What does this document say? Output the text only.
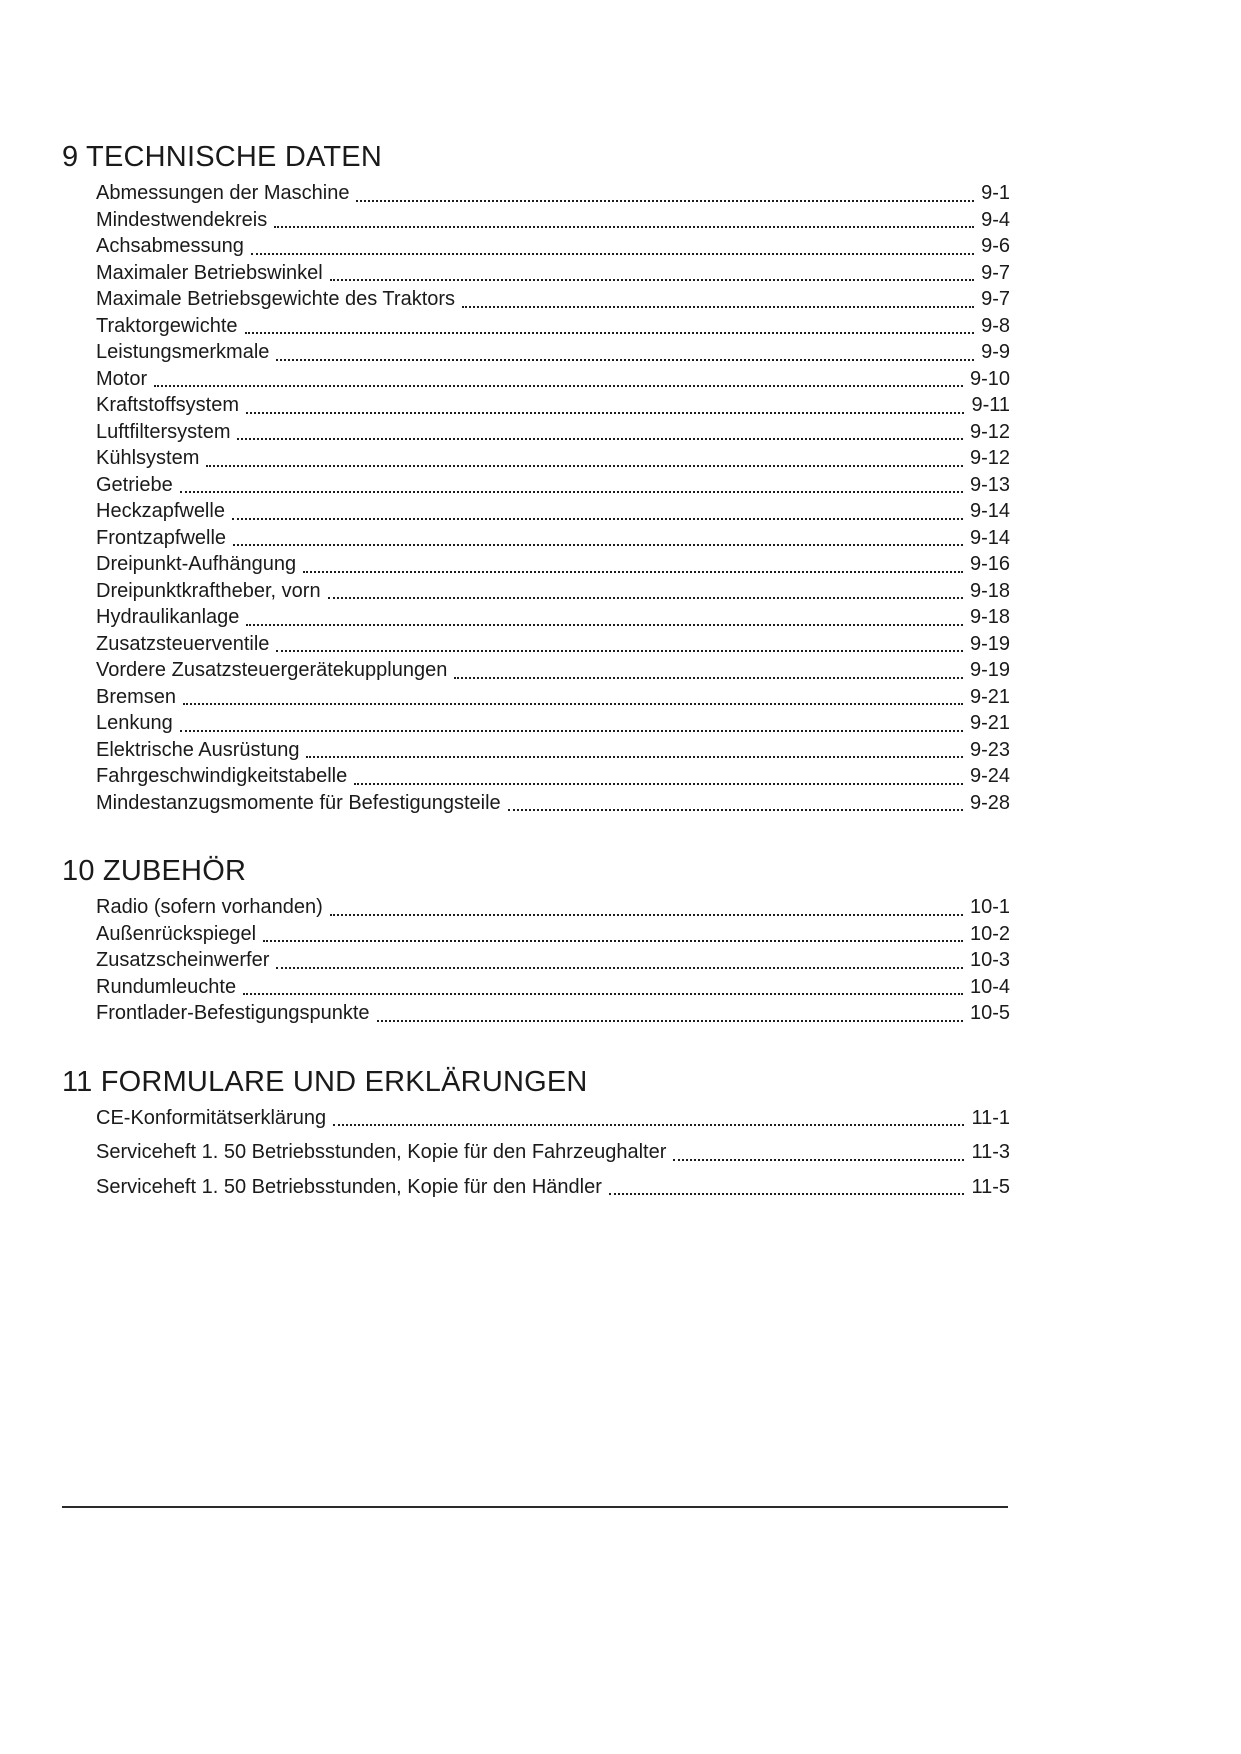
9 TECHNISCHE DATEN
Abmessungen der Maschine	9-1
Mindestwendekreis	9-4
Achsabmessung	9-6
Maximaler Betriebswinkel	9-7
Maximale Betriebsgewichte des Traktors	9-7
Traktorgewichte	9-8
Leistungsmerkmale	9-9
Motor	9-10
Kraftstoffsystem	9-11
Luftfiltersystem	9-12
Kühlsystem	9-12
Getriebe	9-13
Heckzapfwelle	9-14
Frontzapfwelle	9-14
Dreipunkt-Aufhängung	9-16
Dreipunktkraftheber, vorn	9-18
Hydraulikanlage	9-18
Zusatzsteuerventile	9-19
Vordere Zusatzsteuergerätekupplungen	9-19
Bremsen	9-21
Lenkung	9-21
Elektrische Ausrüstung	9-23
Fahrgeschwindigkeitstabelle	9-24
Mindestanzugsmomente für Befestigungsteile	9-28
10 ZUBEHÖR
Radio (sofern vorhanden)	10-1
Außenrückspiegel	10-2
Zusatzscheinwerfer	10-3
Rundumleuchte	10-4
Frontlader-Befestigungspunkte	10-5
11 FORMULARE UND ERKLÄRUNGEN
CE-Konformitätserklärung	11-1
Serviceheft 1. 50 Betriebsstunden, Kopie für den Fahrzeughalter	11-3
Serviceheft 1. 50 Betriebsstunden, Kopie für den Händler	11-5
